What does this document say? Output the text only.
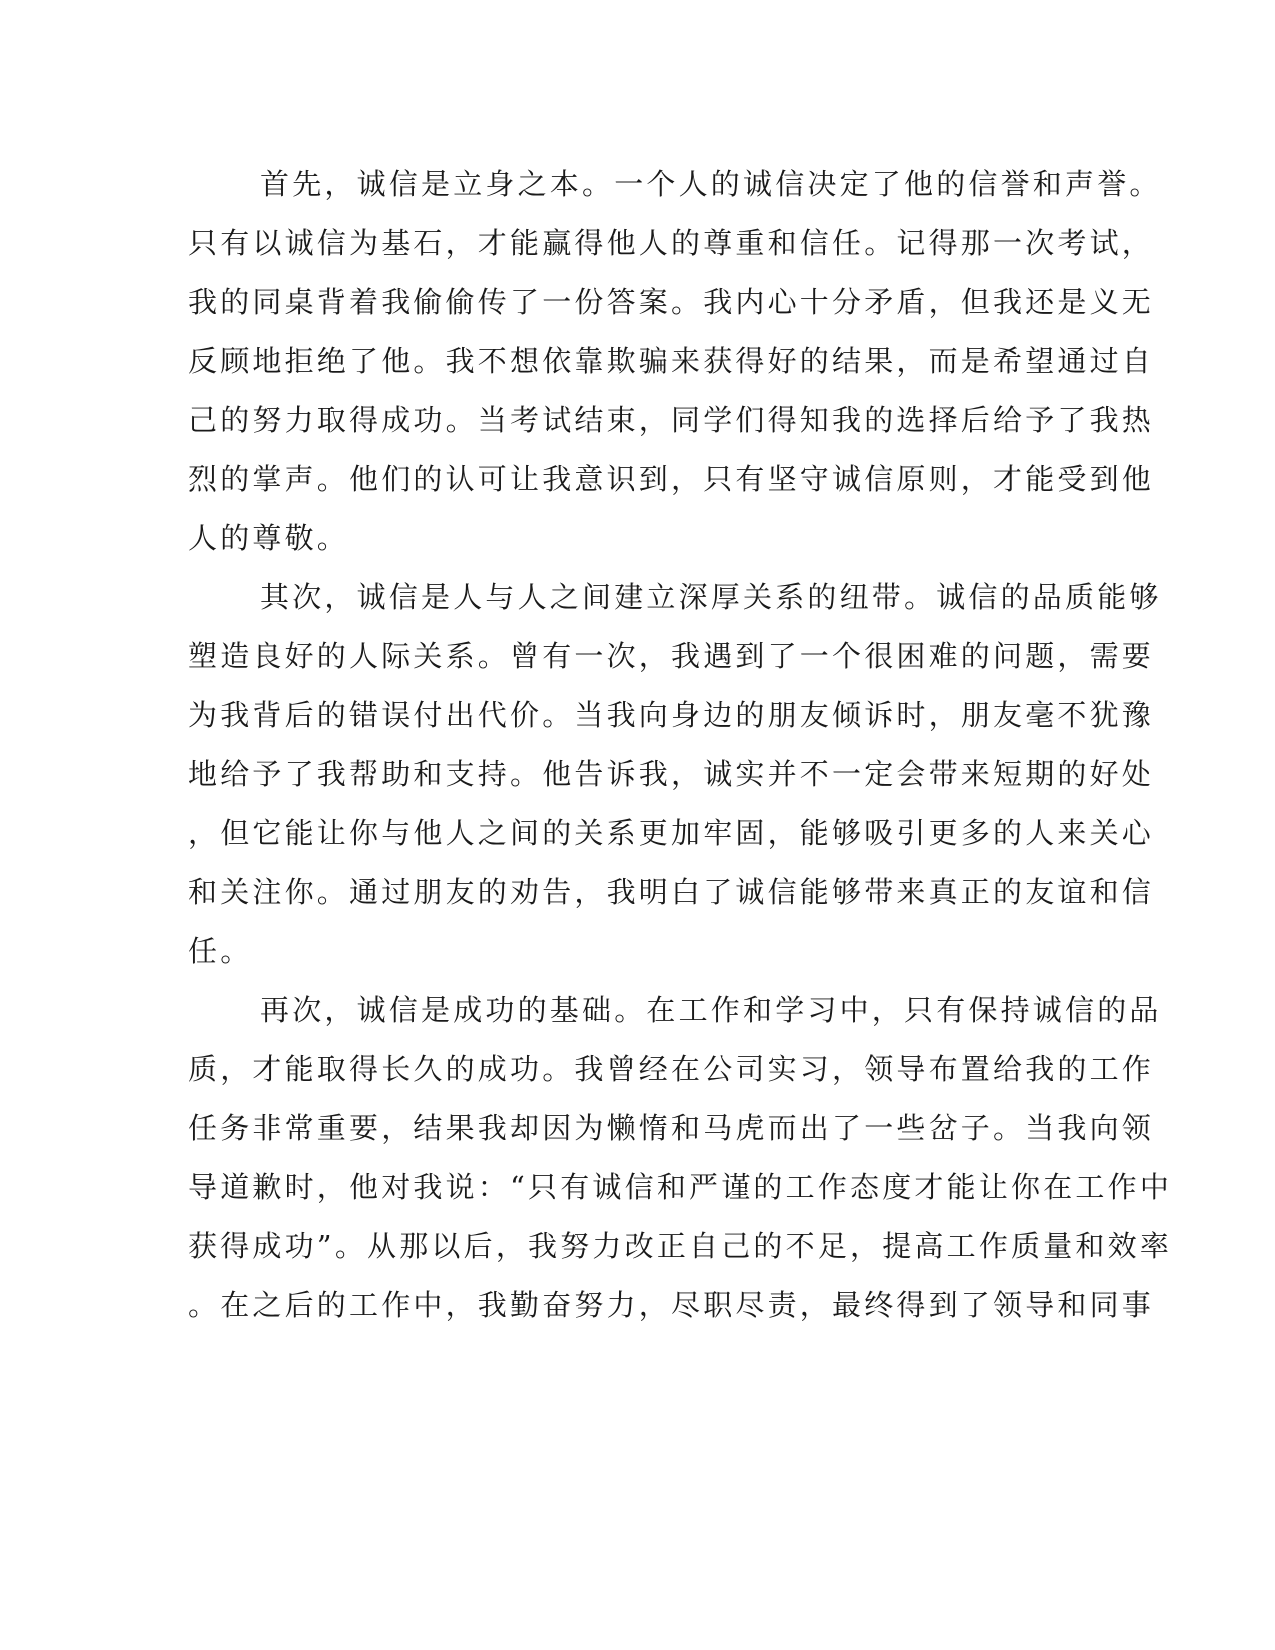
首先，诚信是立身之本。一个人的诚信决定了他的信誉和声誉。

只有以诚信为基石，才能赢得他人的尊重和信任。记得那一次考试，

我的同桌背着我偷偷传了一份答案。我内心十分矛盾，但我还是义无

反顾地拒绝了他。我不想依靠欺骗来获得好的结果，而是希望通过自

己的努力取得成功。当考试结束，同学们得知我的选择后给予了我热

烈的掌声。他们的认可让我意识到，只有坚守诚信原则，才能受到他

人的尊敬。

其次，诚信是人与人之间建立深厚关系的纽带。诚信的品质能够

塑造良好的人际关系。曾有一次，我遇到了一个很困难的问题，需要

为我背后的错误付出代价。当我向身边的朋友倾诉时，朋友毫不犹豫

地给予了我帮助和支持。他告诉我，诚实并不一定会带来短期的好处

，但它能让你与他人之间的关系更加牢固，能够吸引更多的人来关心

和关注你。通过朋友的劝告，我明白了诚信能够带来真正的友谊和信

任。

再次，诚信是成功的基础。在工作和学习中，只有保持诚信的品

质，才能取得长久的成功。我曾经在公司实习，领导布置给我的工作

任务非常重要，结果我却因为懒惰和马虎而出了一些岔子。当我向领

导道歉时，他对我说：“只有诚信和严谨的工作态度才能让你在工作中

获得成功”。从那以后，我努力改正自己的不足，提高工作质量和效率

。在之后的工作中，我勤奋努力，尽职尽责，最终得到了领导和同事
